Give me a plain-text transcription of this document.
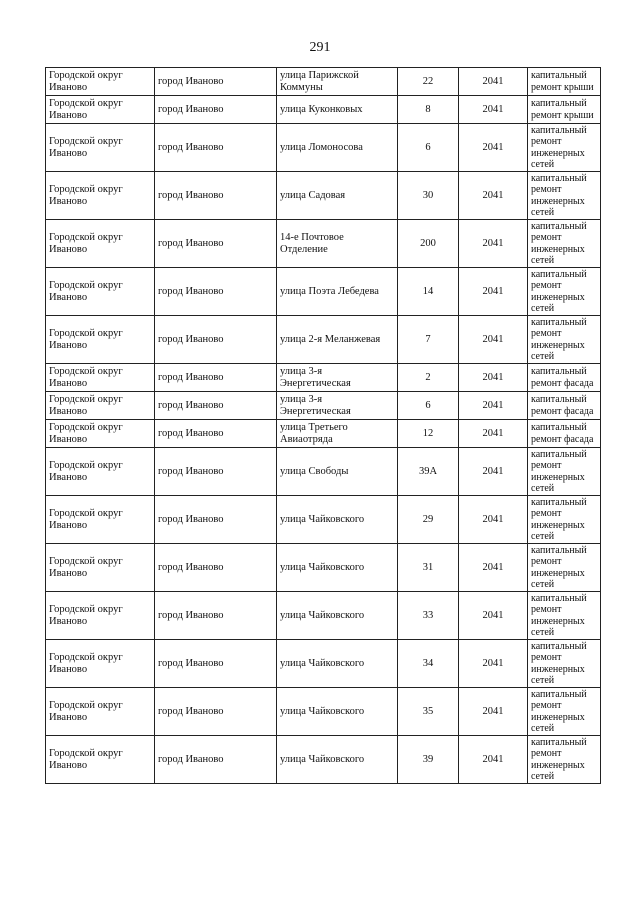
291
Городской округ Иваново	город Иваново	улица Парижской Коммуны	22	2041	капитальный ремонт крыши
Городской округ Иваново	город Иваново	улица Куконковых	8	2041	капитальный ремонт крыши
Городской округ Иваново	город Иваново	улица Ломоносова	6	2041	капитальный ремонт инженерных сетей
Городской округ Иваново	город Иваново	улица Садовая	30	2041	капитальный ремонт инженерных сетей
Городской округ Иваново	город Иваново	14-е Почтовое Отделение	200	2041	капитальный ремонт инженерных сетей
Городской округ Иваново	город Иваново	улица Поэта Лебедева	14	2041	капитальный ремонт инженерных сетей
Городской округ Иваново	город Иваново	улица 2-я Меланжевая	7	2041	капитальный ремонт инженерных сетей
Городской округ Иваново	город Иваново	улица 3-я Энергетическая	2	2041	капитальный ремонт фасада
Городской округ Иваново	город Иваново	улица 3-я Энергетическая	6	2041	капитальный ремонт фасада
Городской округ Иваново	город Иваново	улица Третьего Авиаотряда	12	2041	капитальный ремонт фасада
Городской округ Иваново	город Иваново	улица Свободы	39А	2041	капитальный ремонт инженерных сетей
Городской округ Иваново	город Иваново	улица Чайковского	29	2041	капитальный ремонт инженерных сетей
Городской округ Иваново	город Иваново	улица Чайковского	31	2041	капитальный ремонт инженерных сетей
Городской округ Иваново	город Иваново	улица Чайковского	33	2041	капитальный ремонт инженерных сетей
Городской округ Иваново	город Иваново	улица Чайковского	34	2041	капитальный ремонт инженерных сетей
Городской округ Иваново	город Иваново	улица Чайковского	35	2041	капитальный ремонт инженерных сетей
Городской округ Иваново	город Иваново	улица Чайковского	39	2041	капитальный ремонт инженерных сетей
